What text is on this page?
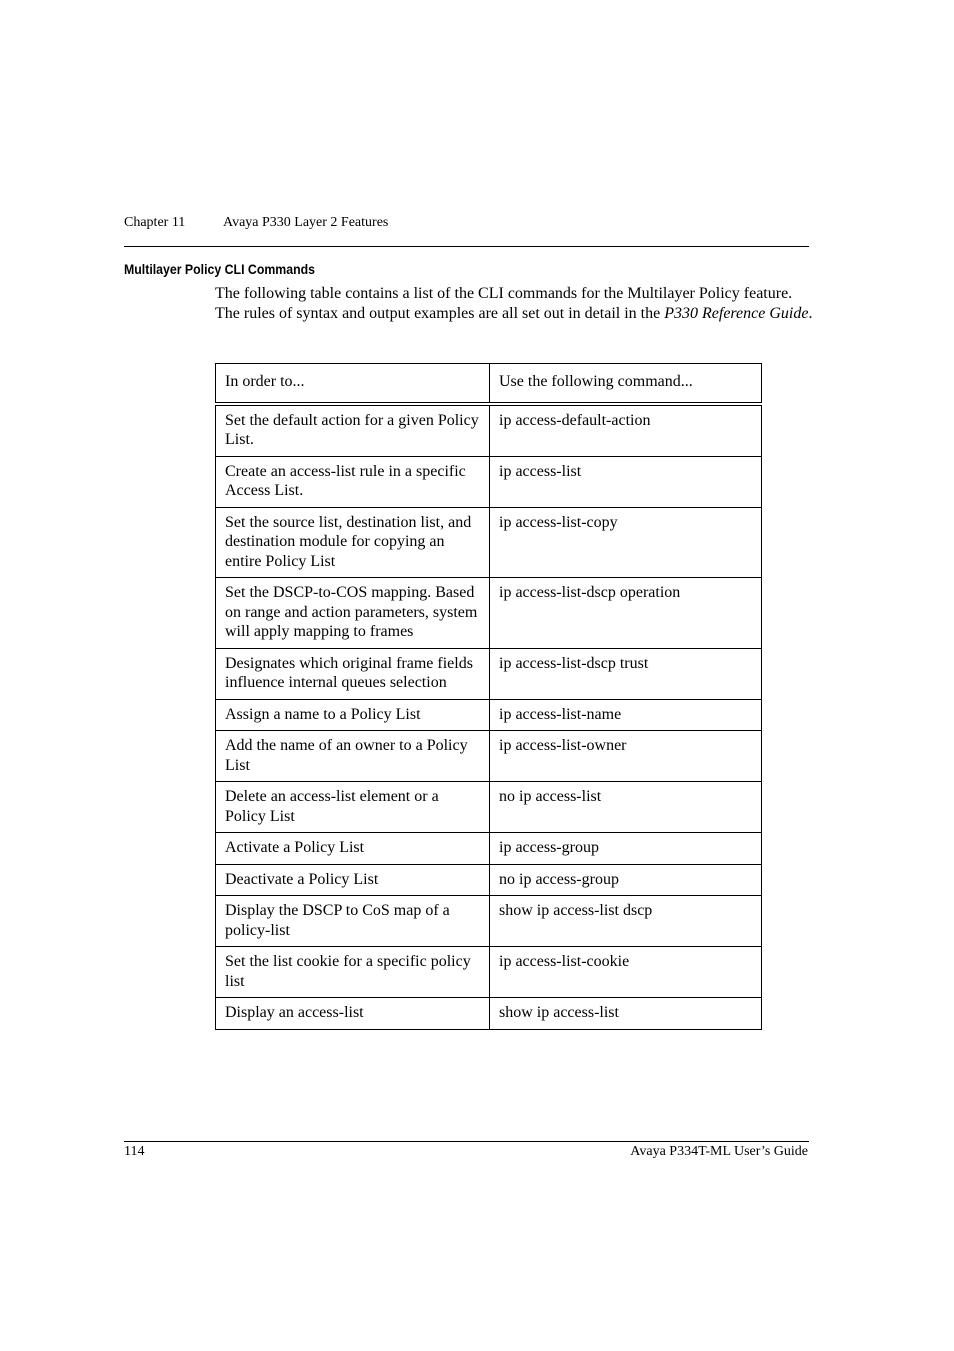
Chapter 11	Avaya P330 Layer 2 Features
Multilayer Policy CLI Commands
The following table contains a list of the CLI commands for the Multilayer Policy feature. The rules of syntax and output examples are all set out in detail in the P330 Reference Guide.
In order to...	Use the following command...
Set the default action for a given Policy List.	ip access-default-action
Create an access-list rule in a specific Access List.	ip access-list
Set the source list, destination list, and destination module for copying an entire Policy List	ip access-list-copy
Set the DSCP-to-COS mapping. Based on range and action parameters, system will apply mapping to frames	ip access-list-dscp operation
Designates which original frame fields influence internal queues selection	ip access-list-dscp trust
Assign a name to a Policy List	ip access-list-name
Add the name of an owner to a Policy List	ip access-list-owner
Delete an access-list element or a Policy List	no ip access-list
Activate a Policy List	ip access-group
Deactivate a Policy List	no ip access-group
Display the DSCP to CoS map of a policy-list	show ip access-list dscp
Set the list cookie for a specific policy list	ip access-list-cookie
Display an access-list	show ip access-list
114	Avaya P334T-ML User’s Guide
